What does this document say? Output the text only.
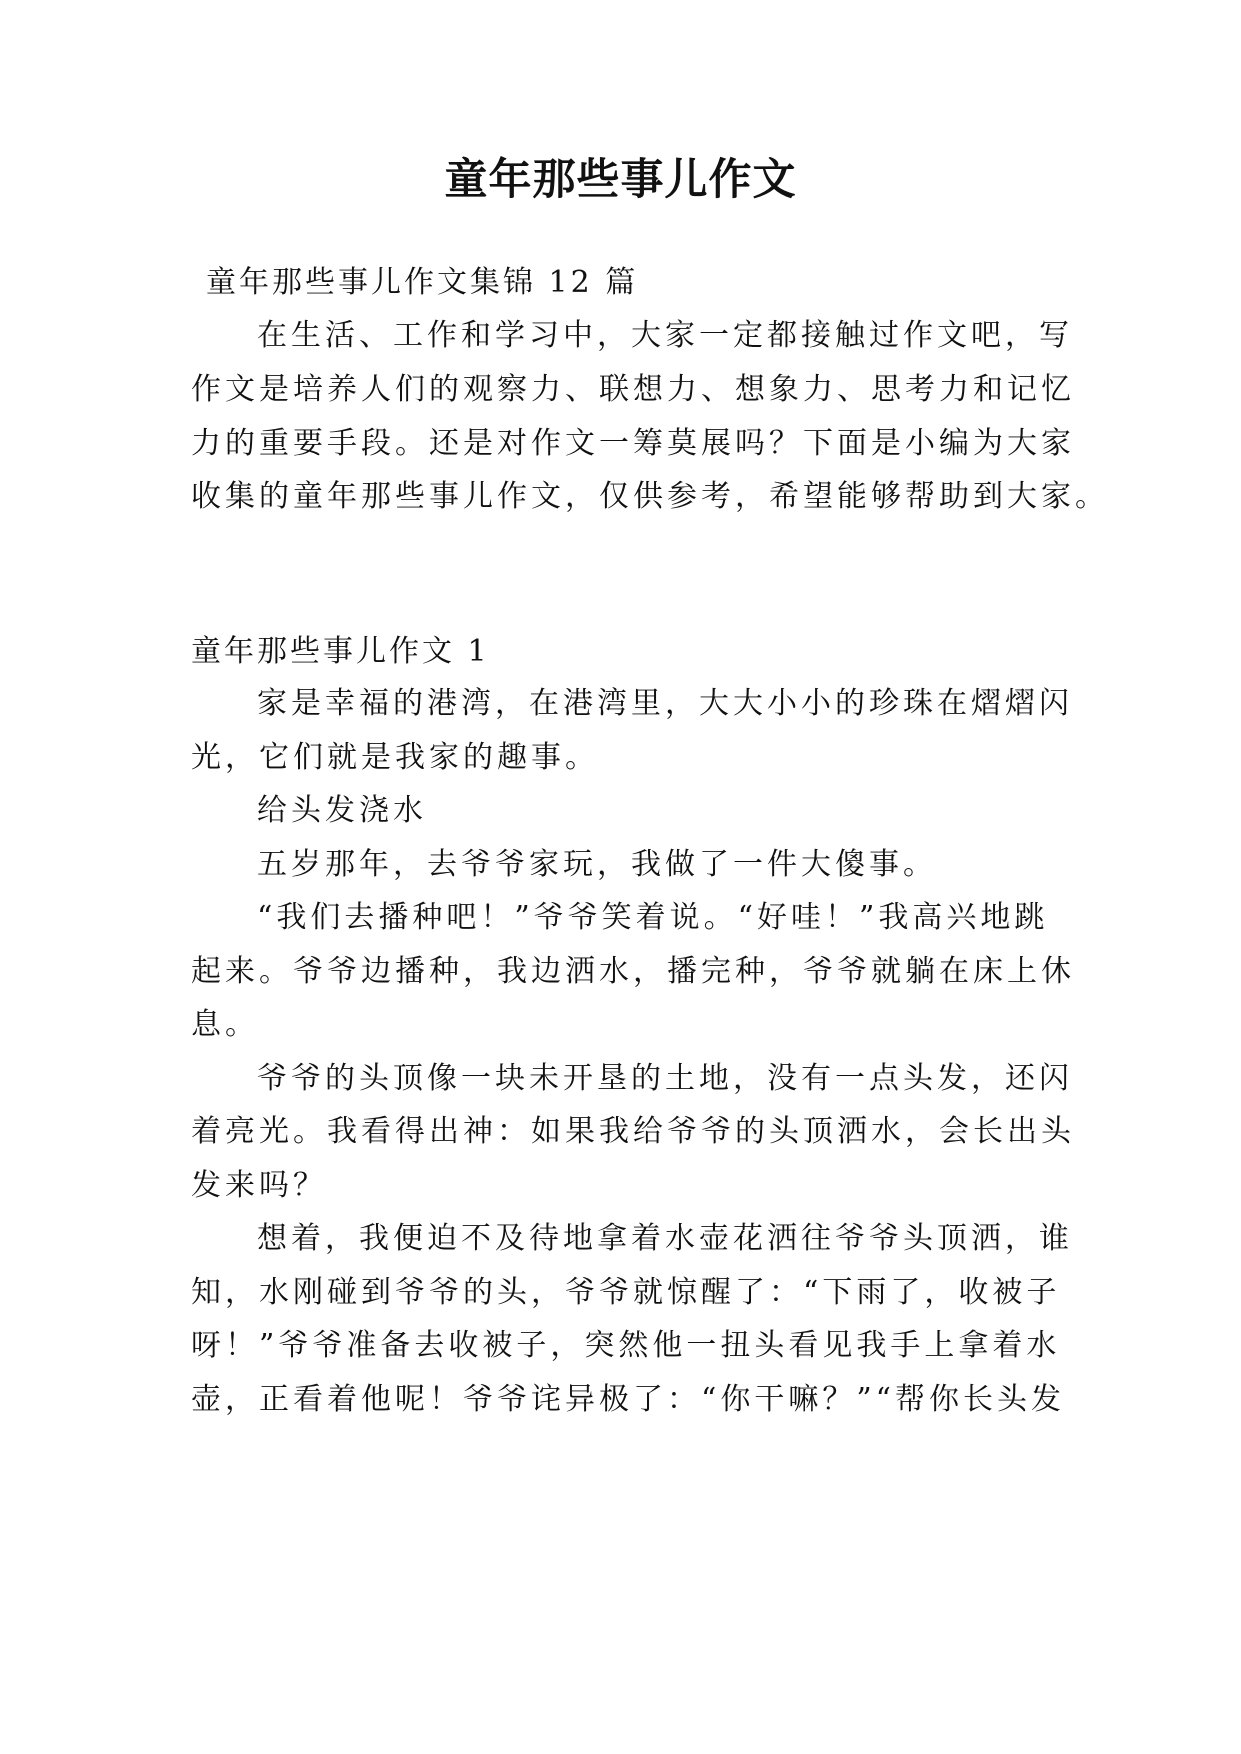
童年那些事儿作文

童年那些事儿作文集锦 12 篇

在生活、工作和学习中，大家一定都接触过作文吧，写

作文是培养人们的观察力、联想力、想象力、思考力和记忆

力的重要手段。还是对作文一筹莫展吗？下面是小编为大家

收集的童年那些事儿作文，仅供参考，希望能够帮助到大家。

童年那些事儿作文 1

家是幸福的港湾，在港湾里，大大小小的珍珠在熠熠闪

光，它们就是我家的趣事。

给头发浇水

五岁那年，去爷爷家玩，我做了一件大傻事。

“我们去播种吧！”爷爷笑着说。“好哇！”我高兴地跳

起来。爷爷边播种，我边洒水，播完种，爷爷就躺在床上休

息。

爷爷的头顶像一块未开垦的土地，没有一点头发，还闪

着亮光。我看得出神：如果我给爷爷的头顶洒水，会长出头

发来吗？

想着，我便迫不及待地拿着水壶花洒往爷爷头顶洒，谁

知，水刚碰到爷爷的头，爷爷就惊醒了：“下雨了，收被子

呀！”爷爷准备去收被子，突然他一扭头看见我手上拿着水

壶，正看着他呢！爷爷诧异极了：“你干嘛？”“帮你长头发
